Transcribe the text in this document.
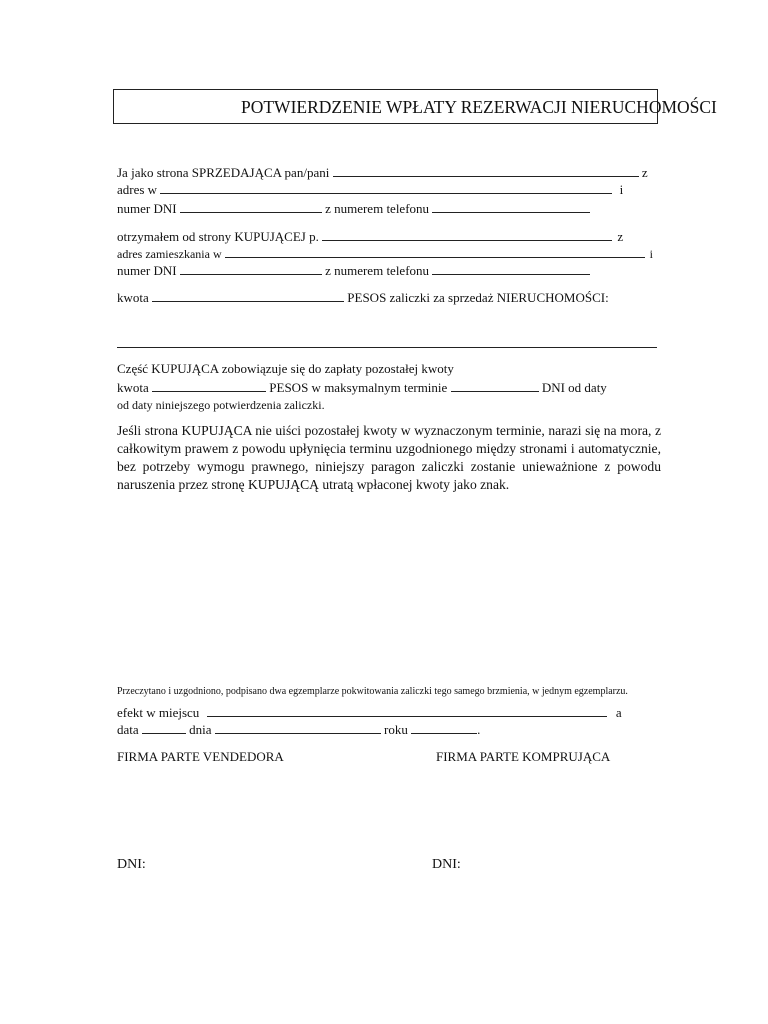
POTWIERDZENIE WPŁATY REZERWACJI NIERUCHOMOŚCI
Ja jako strona SPRZEDAJĄCA pan/pani	z
adres w	i
numer DNI	z numerem telefonu
otrzymałem od strony KUPUJĄCEJ p.	z
adres zamieszkania w	i
numer DNI	z numerem telefonu
kwota	PESOS zaliczki za sprzedaż NIERUCHOMOŚCI:
Część KUPUJĄCA zobowiązuje się do zapłaty pozostałej kwoty
kwota	PESOS w maksymalnym terminie	DNI od daty
od daty niniejszego potwierdzenia zaliczki.
Jeśli strona KUPUJĄCA nie uiści pozostałej kwoty w wyznaczonym terminie, narazi się na mora, z całkowitym prawem z powodu upłynięcia terminu uzgodnionego między stronami i automatycznie, bez potrzeby wymogu prawnego, niniejszy paragon zaliczki zostanie unieważnione z powodu naruszenia przez stronę KUPUJĄCĄ utratą wpłaconej kwoty jako znak.
Przeczytano i uzgodniono, podpisano dwa egzemplarze pokwitowania zaliczki tego samego brzmienia, w jednym egzemplarzu.
efekt w miejscu	a
data	dnia	roku	.
FIRMA PARTE VENDEDORA	FIRMA PARTE KOMPRUJĄCA
DNI:	DNI:
